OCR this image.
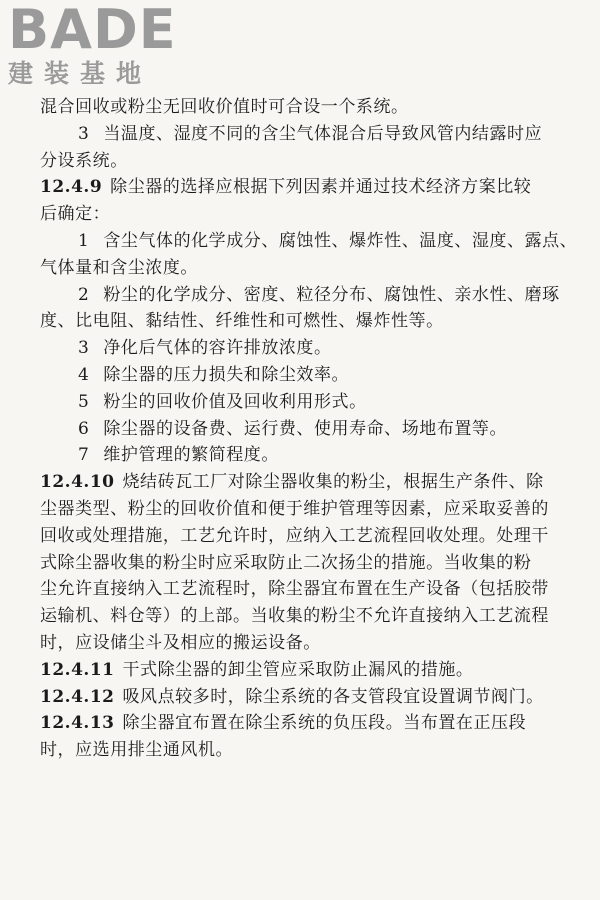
BADE
建装基地
混合回收或粉尘无回收价值时可合设一个系统。
3 当温度、湿度不同的含尘气体混合后导致风管内结露时应
分设系统。
12.4.9 除尘器的选择应根据下列因素并通过技术经济方案比较
后确定：
1 含尘气体的化学成分、腐蚀性、爆炸性、温度、湿度、露点、
气体量和含尘浓度。
2 粉尘的化学成分、密度、粒径分布、腐蚀性、亲水性、磨琢
度、比电阻、黏结性、纤维性和可燃性、爆炸性等。
3 净化后气体的容许排放浓度。
4 除尘器的压力损失和除尘效率。
5 粉尘的回收价值及回收利用形式。
6 除尘器的设备费、运行费、使用寿命、场地布置等。
7 维护管理的繁简程度。
12.4.10 烧结砖瓦工厂对除尘器收集的粉尘，根据生产条件、除
尘器类型、粉尘的回收价值和便于维护管理等因素，应采取妥善的
回收或处理措施，工艺允许时，应纳入工艺流程回收处理。处理干
式除尘器收集的粉尘时应采取防止二次扬尘的措施。当收集的粉
尘允许直接纳入工艺流程时，除尘器宜布置在生产设备（包括胶带
运输机、料仓等）的上部。当收集的粉尘不允许直接纳入工艺流程
时，应设储尘斗及相应的搬运设备。
12.4.11 干式除尘器的卸尘管应采取防止漏风的措施。
12.4.12 吸风点较多时，除尘系统的各支管段宜设置调节阀门。
12.4.13 除尘器宜布置在除尘系统的负压段。当布置在正压段
时，应选用排尘通风机。
